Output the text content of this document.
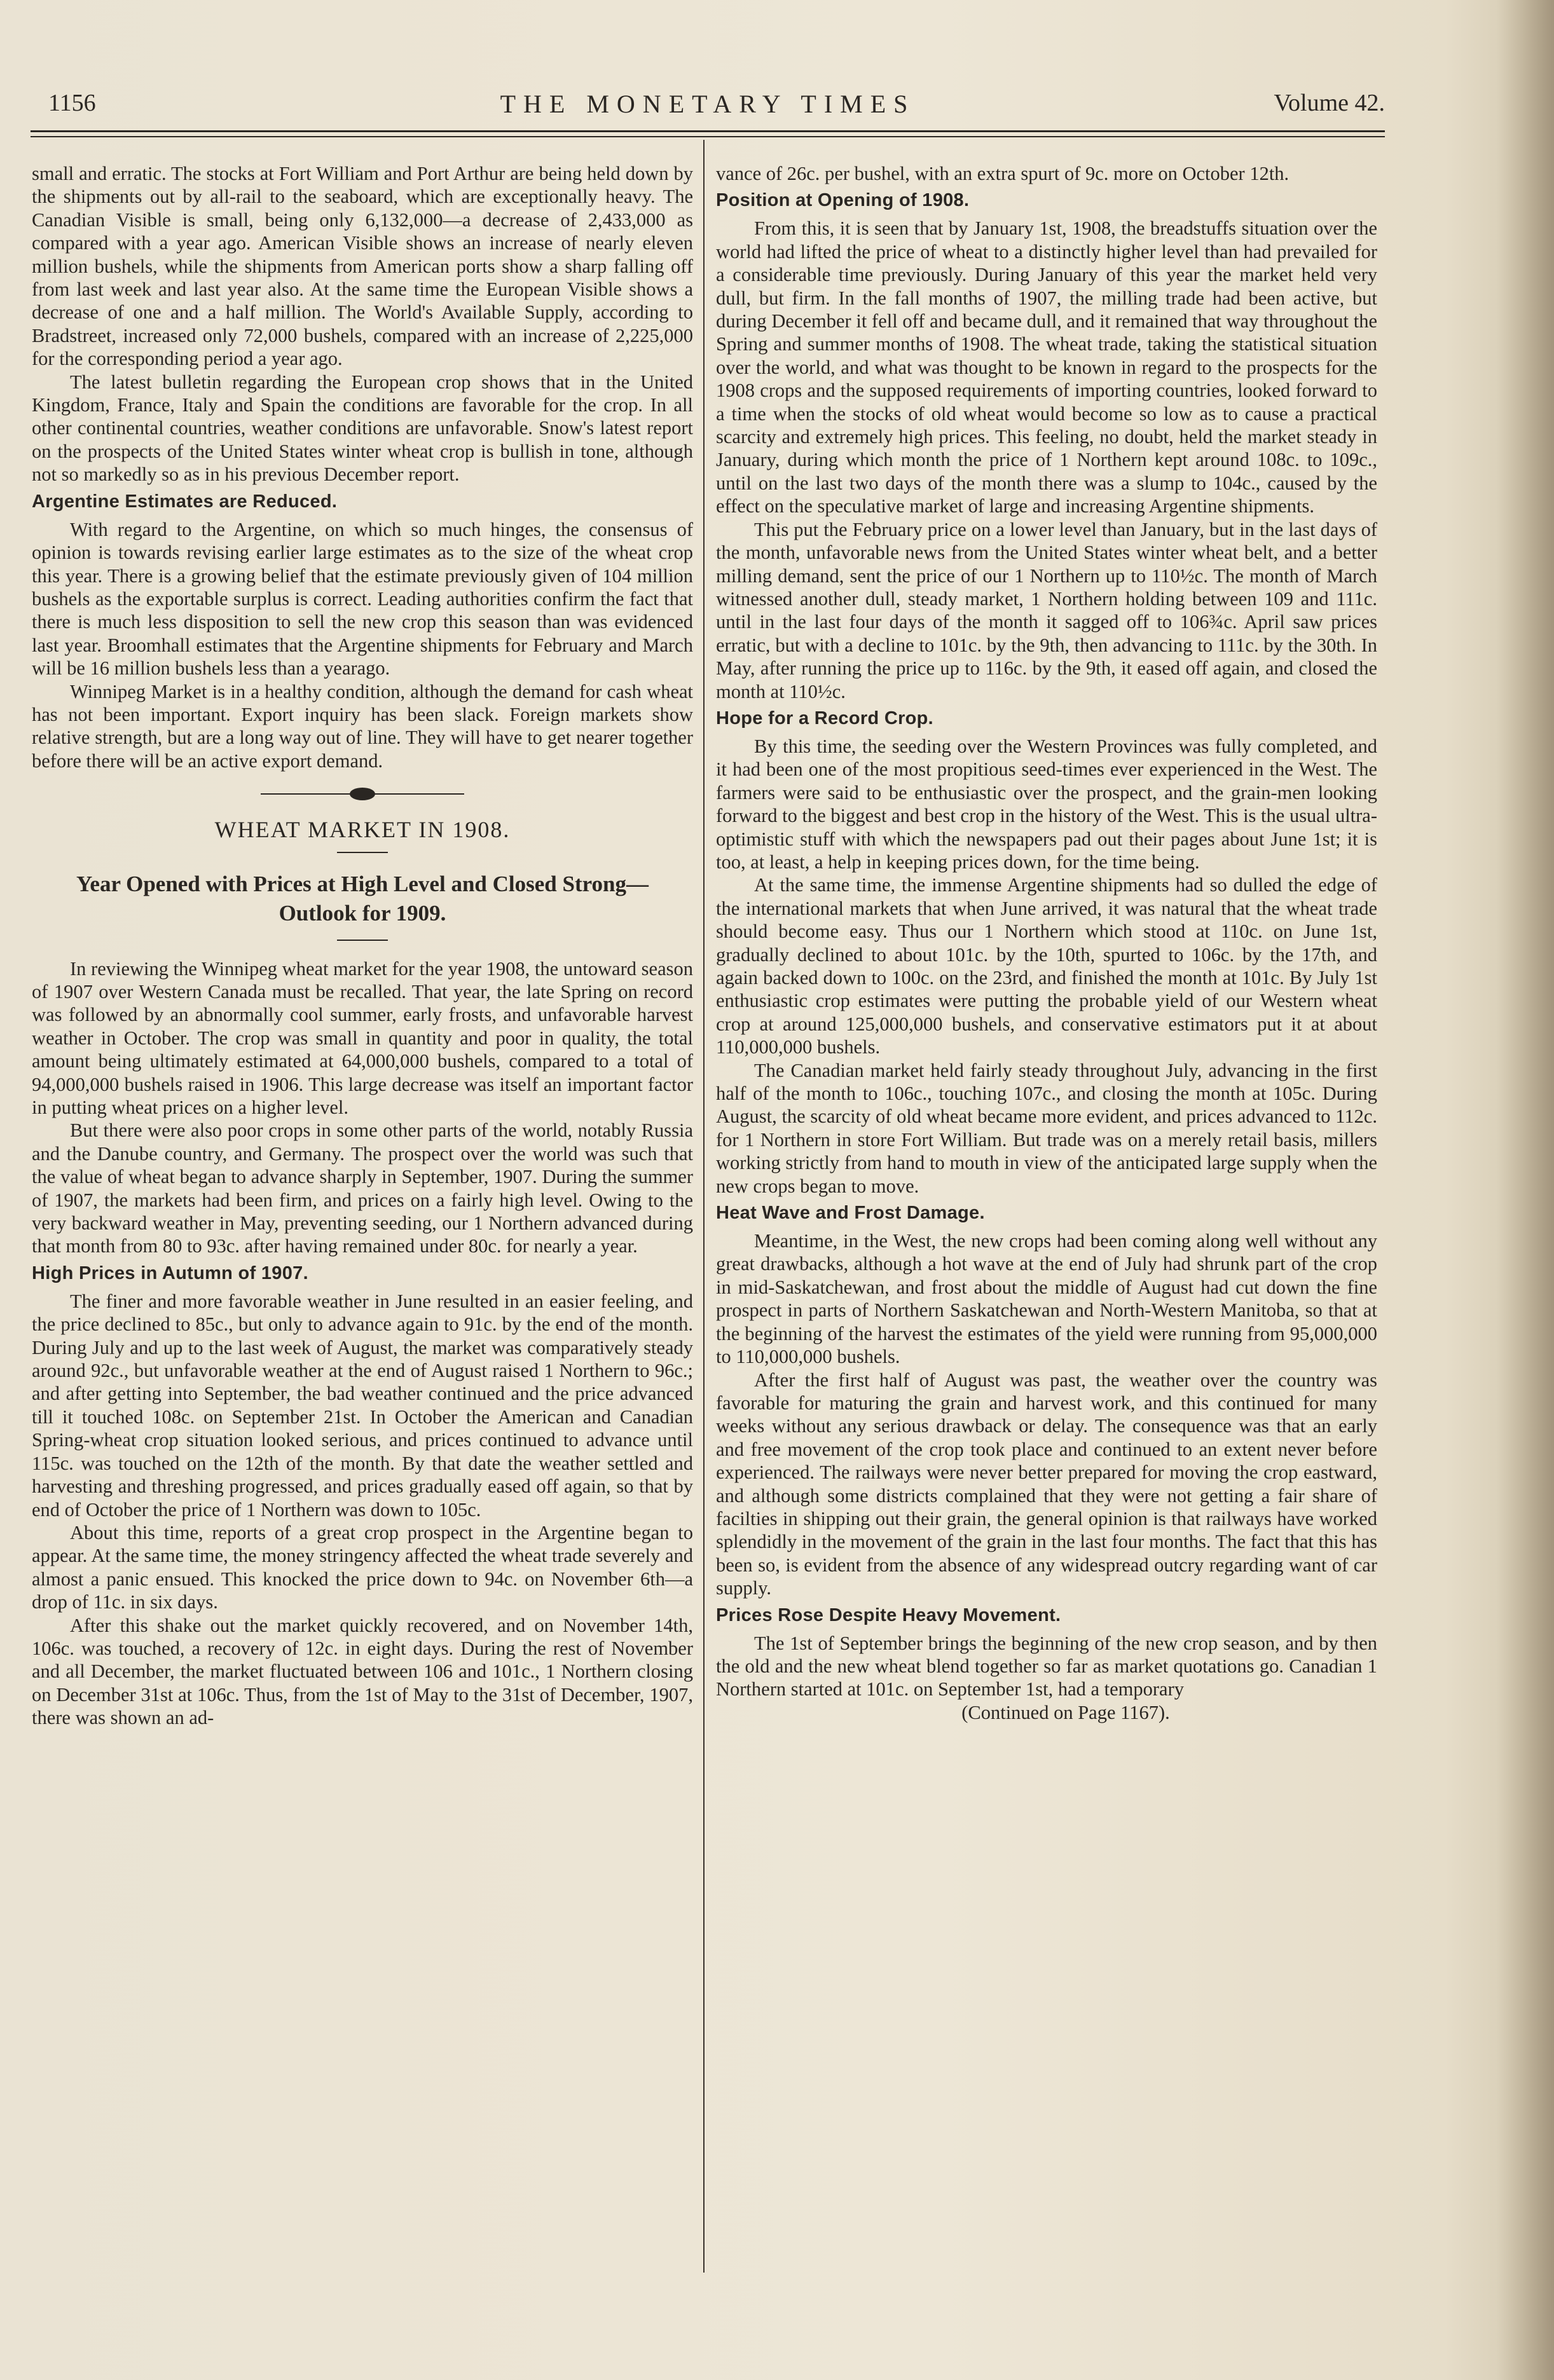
1156	THE MONETARY TIMES	Volume 42.

small and erratic. The stocks at Fort William and Port Arthur are being held down by the shipments out by all-rail to the seaboard, which are exceptionally heavy. The Canadian Visible is small, being only 6,132,000—a decrease of 2,433,000 as compared with a year ago. American Visible shows an increase of nearly eleven million bushels, while the shipments from American ports show a sharp falling off from last week and last year also. At the same time the European Visible shows a decrease of one and a half million. The World's Available Supply, according to Bradstreet, increased only 72,000 bushels, compared with an increase of 2,225,000 for the corresponding period a year ago.

The latest bulletin regarding the European crop shows that in the United Kingdom, France, Italy and Spain the conditions are favorable for the crop. In all other continental countries, weather conditions are unfavorable. Snow's latest report on the prospects of the United States winter wheat crop is bullish in tone, although not so markedly so as in his previous December report.

Argentine Estimates are Reduced.

With regard to the Argentine, on which so much hinges, the consensus of opinion is towards revising earlier large estimates as to the size of the wheat crop this year. There is a growing belief that the estimate previously given of 104 million bushels as the exportable surplus is correct. Leading authorities confirm the fact that there is much less disposition to sell the new crop this season than was evidenced last year. Broomhall estimates that the Argentine shipments for February and March will be 16 million bushels less than a yearago.

Winnipeg Market is in a healthy condition, although the demand for cash wheat has not been important. Export inquiry has been slack. Foreign markets show relative strength, but are a long way out of line. They will have to get nearer together before there will be an active export demand.

WHEAT MARKET IN 1908.
Year Opened with Prices at High Level and Closed Strong—Outlook for 1909.

In reviewing the Winnipeg wheat market for the year 1908, the untoward season of 1907 over Western Canada must be recalled. That year, the late Spring on record was followed by an abnormally cool summer, early frosts, and unfavorable harvest weather in October. The crop was small in quantity and poor in quality, the total amount being ultimately estimated at 64,000,000 bushels, compared to a total of 94,000,000 bushels raised in 1906. This large decrease was itself an important factor in putting wheat prices on a higher level.

But there were also poor crops in some other parts of the world, notably Russia and the Danube country, and Germany. The prospect over the world was such that the value of wheat began to advance sharply in September, 1907. During the summer of 1907, the markets had been firm, and prices on a fairly high level. Owing to the very backward weather in May, preventing seeding, our 1 Northern advanced during that month from 80 to 93c. after having remained under 80c. for nearly a year.

High Prices in Autumn of 1907.

The finer and more favorable weather in June resulted in an easier feeling, and the price declined to 85c., but only to advance again to 91c. by the end of the month. During July and up to the last week of August, the market was comparatively steady around 92c., but unfavorable weather at the end of August raised 1 Northern to 96c.; and after getting into September, the bad weather continued and the price advanced till it touched 108c. on September 21st. In October the American and Canadian Spring-wheat crop situation looked serious, and prices continued to advance until 115c. was touched on the 12th of the month. By that date the weather settled and harvesting and threshing progressed, and prices gradually eased off again, so that by end of October the price of 1 Northern was down to 105c.

About this time, reports of a great crop prospect in the Argentine began to appear. At the same time, the money stringency affected the wheat trade severely and almost a panic ensued. This knocked the price down to 94c. on November 6th—a drop of 11c. in six days.

After this shake out the market quickly recovered, and on November 14th, 106c. was touched, a recovery of 12c. in eight days. During the rest of November and all December, the market fluctuated between 106 and 101c., 1 Northern closing on December 31st at 106c. Thus, from the 1st of May to the 31st of December, 1907, there was shown an ad-

vance of 26c. per bushel, with an extra spurt of 9c. more on October 12th.

Position at Opening of 1908.

From this, it is seen that by January 1st, 1908, the breadstuffs situation over the world had lifted the price of wheat to a distinctly higher level than had prevailed for a considerable time previously. During January of this year the market held very dull, but firm. In the fall months of 1907, the milling trade had been active, but during December it fell off and became dull, and it remained that way throughout the Spring and summer months of 1908. The wheat trade, taking the statistical situation over the world, and what was thought to be known in regard to the prospects for the 1908 crops and the supposed requirements of importing countries, looked forward to a time when the stocks of old wheat would become so low as to cause a practical scarcity and extremely high prices. This feeling, no doubt, held the market steady in January, during which month the price of 1 Northern kept around 108c. to 109c., until on the last two days of the month there was a slump to 104c., caused by the effect on the speculative market of large and increasing Argentine shipments.

This put the February price on a lower level than January, but in the last days of the month, unfavorable news from the United States winter wheat belt, and a better milling demand, sent the price of our 1 Northern up to 110½c. The month of March witnessed another dull, steady market, 1 Northern holding between 109 and 111c. until in the last four days of the month it sagged off to 106¾c. April saw prices erratic, but with a decline to 101c. by the 9th, then advancing to 111c. by the 30th. In May, after running the price up to 116c. by the 9th, it eased off again, and closed the month at 110½c.

Hope for a Record Crop.

By this time, the seeding over the Western Provinces was fully completed, and it had been one of the most propitious seed-times ever experienced in the West. The farmers were said to be enthusiastic over the prospect, and the grain-men looking forward to the biggest and best crop in the history of the West. This is the usual ultra-optimistic stuff with which the newspapers pad out their pages about June 1st; it is too, at least, a help in keeping prices down, for the time being.

At the same time, the immense Argentine shipments had so dulled the edge of the international markets that when June arrived, it was natural that the wheat trade should become easy. Thus our 1 Northern which stood at 110c. on June 1st, gradually declined to about 101c. by the 10th, spurted to 106c. by the 17th, and again backed down to 100c. on the 23rd, and finished the month at 101c. By July 1st enthusiastic crop estimates were putting the probable yield of our Western wheat crop at around 125,000,000 bushels, and conservative estimators put it at about 110,000,000 bushels.

The Canadian market held fairly steady throughout July, advancing in the first half of the month to 106c., touching 107c., and closing the month at 105c. During August, the scarcity of old wheat became more evident, and prices advanced to 112c. for 1 Northern in store Fort William. But trade was on a merely retail basis, millers working strictly from hand to mouth in view of the anticipated large supply when the new crops began to move.

Heat Wave and Frost Damage.

Meantime, in the West, the new crops had been coming along well without any great drawbacks, although a hot wave at the end of July had shrunk part of the crop in mid-Saskatchewan, and frost about the middle of August had cut down the fine prospect in parts of Northern Saskatchewan and North-Western Manitoba, so that at the beginning of the harvest the estimates of the yield were running from 95,000,000 to 110,000,000 bushels.

After the first half of August was past, the weather over the country was favorable for maturing the grain and harvest work, and this continued for many weeks without any serious drawback or delay. The consequence was that an early and free movement of the crop took place and continued to an extent never before experienced. The railways were never better prepared for moving the crop eastward, and although some districts complained that they were not getting a fair share of facilties in shipping out their grain, the general opinion is that railways have worked splendidly in the movement of the grain in the last four months. The fact that this has been so, is evident from the absence of any widespread outcry regarding want of car supply.

Prices Rose Despite Heavy Movement.

The 1st of September brings the beginning of the new crop season, and by then the old and the new wheat blend together so far as market quotations go. Canadian 1 Northern started at 101c. on September 1st, had a temporary

(Continued on Page 1167).
